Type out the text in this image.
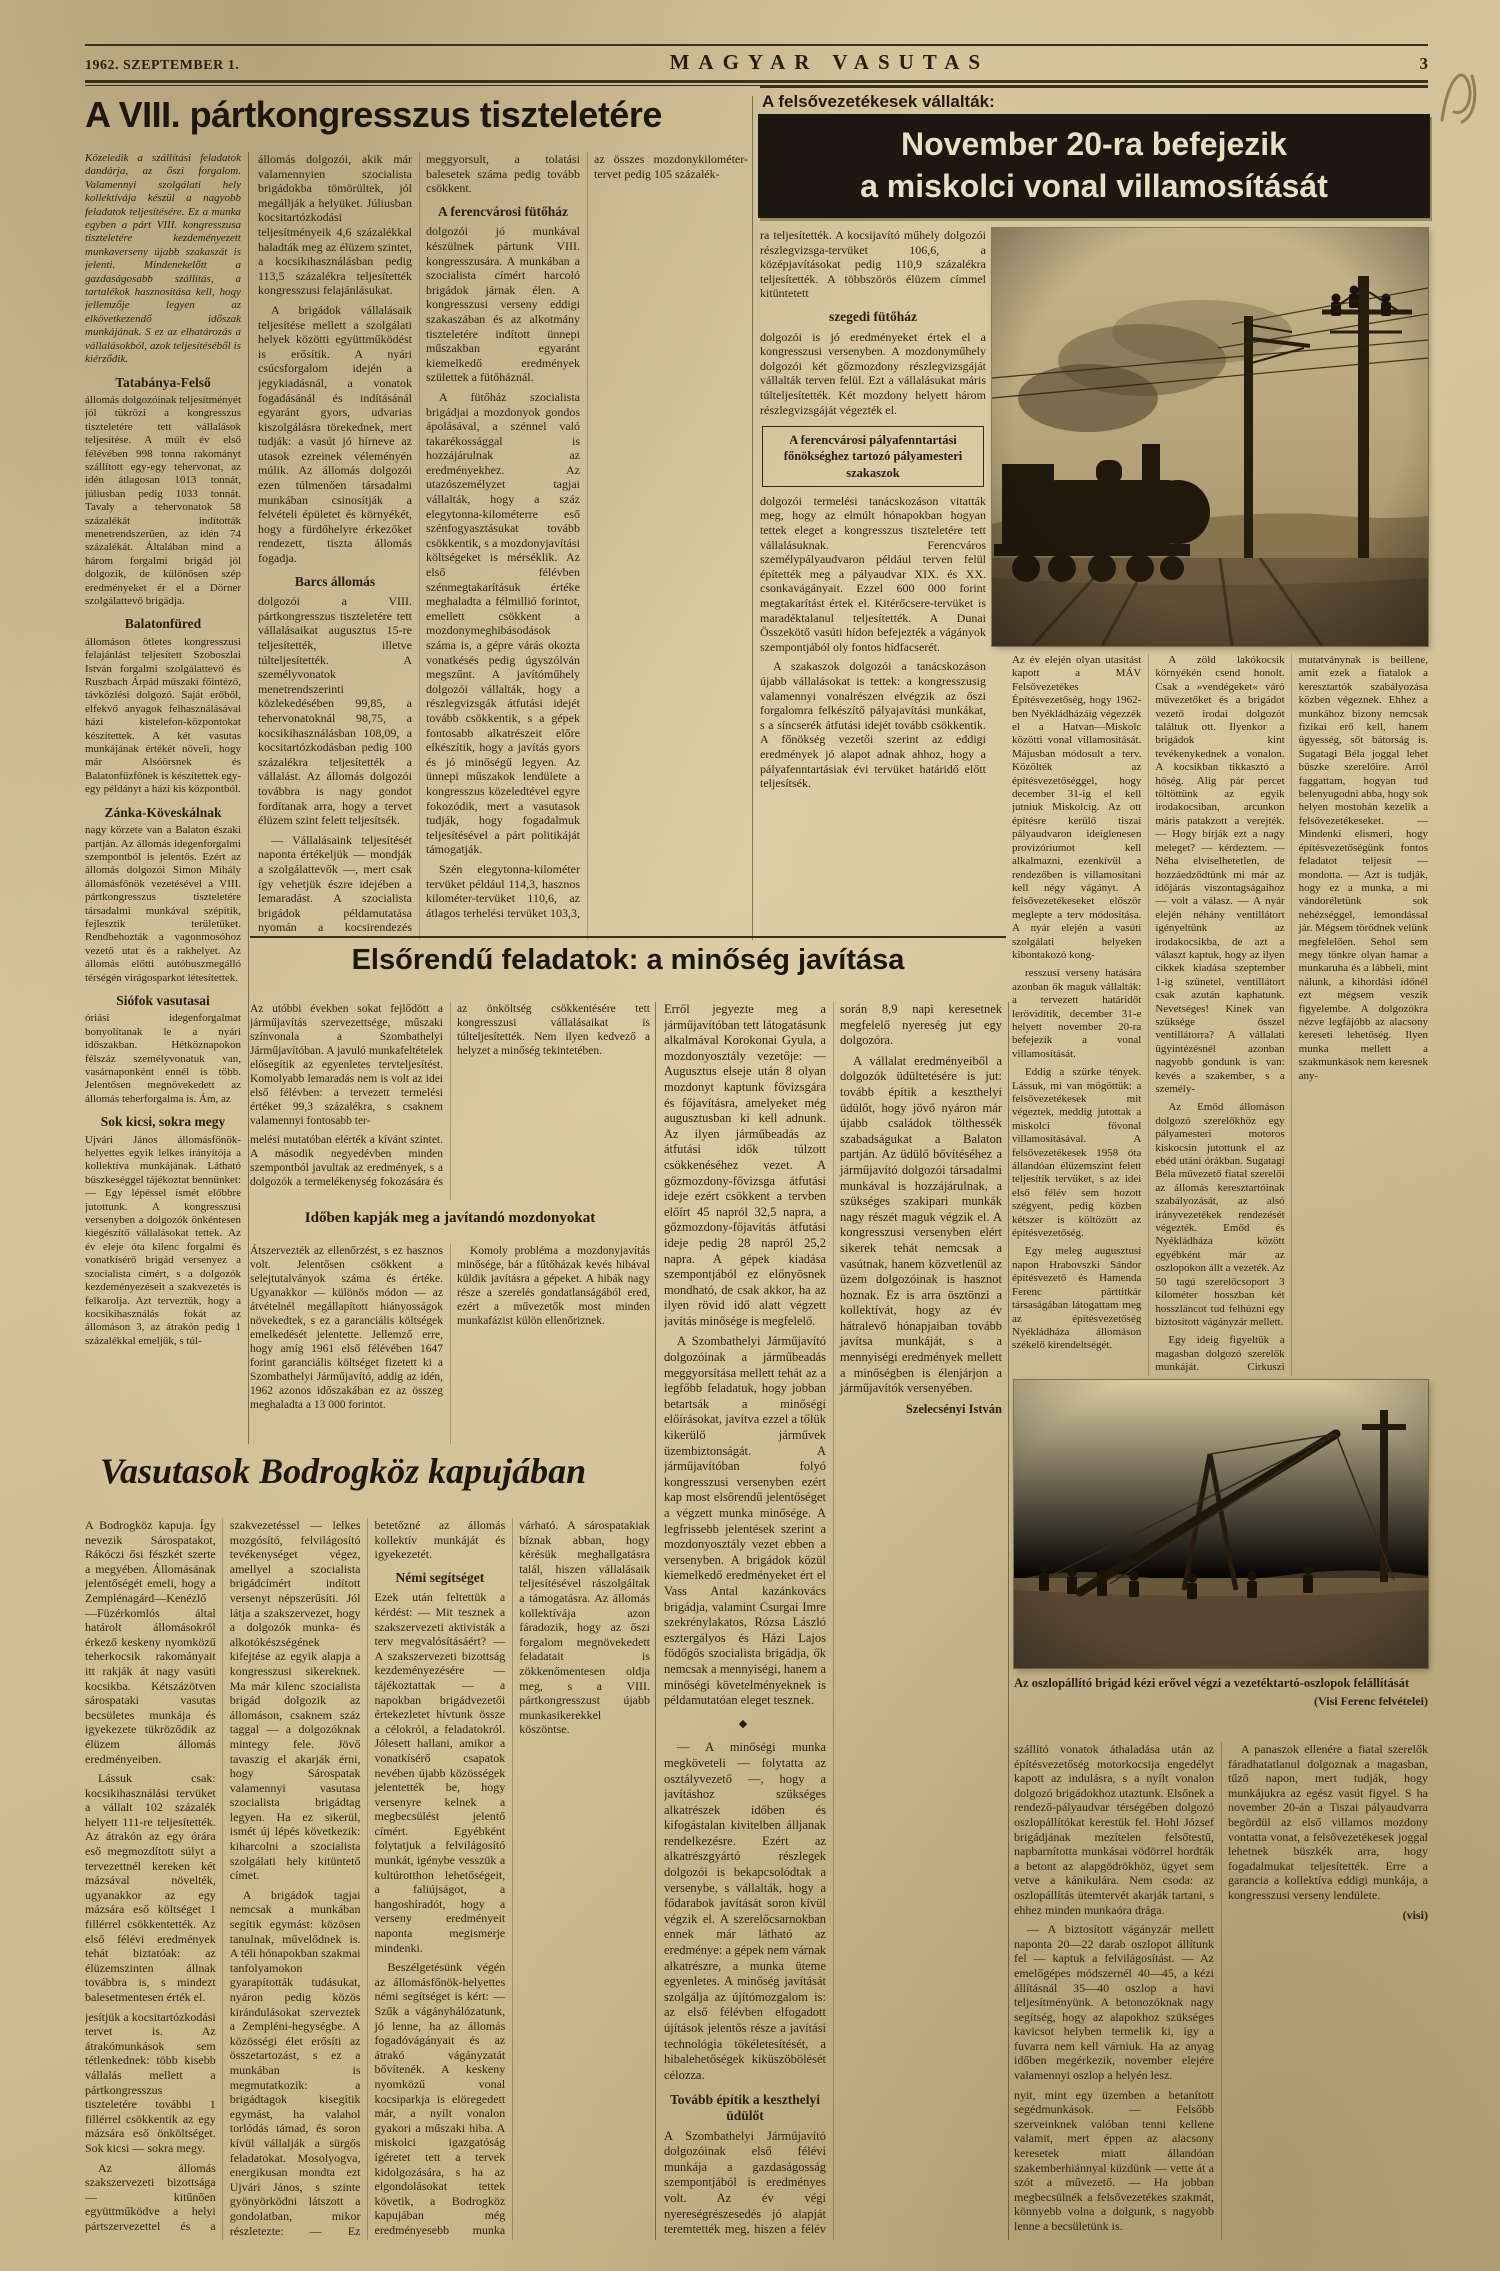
1962. SZEPTEMBER 1.	MAGYAR VASUTAS	3
A VIII. pártkongresszus tiszteletére
Közeledik a szállítási feladatok dandárja, az őszi forgalom. Valamennyi szolgálati hely kollektívája készül a nagyobb feladatok teljesítésére. Ez a munka egyben a párt VIII. kongresszusa tiszteletére kezdeményezett munkaverseny újabb szakaszát is jelenti. Mindenekelőtt a gazdaságosabb szállítás, a tartalékok hasznosítása kell, hogy jellemzője legyen az elkövetkezendő időszak munkájának. S ez az elhatározás a vállalásokból, azok teljesítéséből is kiérződik.
Tatabánya-Felső
állomás dolgozóinak teljesítményét jól tükrözi a kongresszus tiszteletére tett vállalások teljesítése. A múlt év első félévében 998 tonna rakományt szállított egy-egy tehervonat, az idén átlagosan 1013 tonnát, júliusban pedig 1033 tonnát. Tavaly a tehervonatok 58 százalékát indították menetrendszerűen, az idén 74 százalékát. Általában mind a három forgalmi brigád jól dolgozik, de különösen szép eredményeket ér el a Dörner szolgálattevő brigádja.
Balatonfüred
állomáson ötletes kongresszusi felajánlást teljesített Szoboszlai István forgalmi szolgálattevő és Ruszbach Árpád műszaki főintéző, távközlési dolgozó. Saját erőből, elfekvő anyagok felhasználásával házi kistelefon-központokat készítettek. A két vasutas munkájának értékét növeli, hogy már Alsóörsnek és Balatonfűzfőnek is készítettek egy-egy példányt a házi kis központból.
Zánka-Köveskálnak
nagy körzete van a Balaton északi partján. Az állomás idegenforgalmi szempontból is jelentős. Ezért az állomás dolgozói Simon Mihály állomásfőnök vezetésével a VIII. pártkongresszus tiszteletére társadalmi munkával szépítik, fejlesztik területüket. Rendbehozták a vagonmosóhoz vezető utat és a rakhelyet. Az állomás előtti autóbuszmegálló térségén virágosparkot létesítettek.
Siófok vasutasai
óriási idegenforgalmat bonyolítanak le a nyári időszakban. Hétköznapokon félszáz személyvonatuk van, vasárnaponként ennél is több. Jelentősen megnövekedett az állomás teherforgalma is. Ám, az
Sok kicsi, sokra megy
Ujvári János állomásfőnök-helyettes egyik lelkes irányítója a kollektíva munkájának. Látható büszkeséggel tájékoztat bennünket: — Egy lépéssel ismét előbbre jutottunk. A kongresszusi versenyben a dolgozók önkéntesen kiegészítő vállalásokat tettek. Az év eleje óta kilenc forgalmi és vonatkísérő brigád versenyez a szocialista címért, s a dolgozók kezdeményezéseit a szakvezetés is felkarolja. Azt terveztük, hogy a kocsikihasználás fokát az állomáson 3, az átrakón pedig 1 százalékkal emeljük, s túl-
állomás dolgozói, akik már valamennyien szocialista brigádokba tömörültek, jól megállják a helyüket. Júliusban kocsitartózkodási teljesítményeik 4,6 százalékkal haladták meg az élüzem szintet, a kocsikihasználásban pedig 113,5 százalékra teljesítették kongresszusi felajánlásukat.
A brigádok vállalásaik teljesítése mellett a szolgálati helyek közötti együttműködést is erősítik. A nyári csúcsforgalom idején a jegykiadásnál, a vonatok fogadásánál és indításánál egyaránt gyors, udvarias kiszolgálásra törekednek, mert tudják: a vasút jó hírneve az utasok ezreinek véleményén múlik. Az állomás dolgozói ezen túlmenően társadalmi munkában csinosítják a felvételi épületet és környékét, hogy a fürdőhelyre érkezőket rendezett, tiszta állomás fogadja.
Barcs állomás
dolgozói a VIII. pártkongresszus tiszteletére tett vállalásaikat augusztus 15-re teljesítették, illetve túlteljesítették. A személyvonatok menetrendszerinti közlekedésében 99,85, a tehervonatoknál 98,75, a kocsikihasználásban 108,09, a kocsitartózkodásban pedig 100 százalékra teljesítették a vállalást. Az állomás dolgozói továbbra is nagy gondot fordítanak arra, hogy a tervet élüzem szint felett teljesítsék.
— Vállalásaink teljesítését naponta értékeljük — mondják a szolgálattevők —, mert csak így vehetjük észre idejében a lemaradást. A szocialista brigádok példamutatása nyomán a kocsirendezés meggyorsult, a tolatási balesetek száma pedig tovább csökkent.
A ferencvárosi fütőház
dolgozói jó munkával készülnek pártunk VIII. kongresszusára. A munkában a szocialista címért harcoló brigádok járnak élen. A kongresszusi verseny eddigi szakaszában és az alkotmány tiszteletére indított ünnepi műszakban egyaránt kiemelkedő eredmények születtek a fütőháznál.
A fütőház szocialista brigádjai a mozdonyok gondos ápolásával, a szénnel való takarékossággal is hozzájárulnak az eredményekhez. Az utazószemélyzet tagjai vállalták, hogy a száz elegytonna-kilométerre eső szénfogyasztásukat tovább csökkentik, s a mozdonyjavítási költségeket is mérséklik. Az első félévben szénmegtakarításuk értéke meghaladta a félmillió forintot, emellett csökkent a mozdonymeghibásodások száma is, a gépre várás okozta vonatkésés pedig úgyszólván megszűnt. A javítóműhely dolgozói vállalták, hogy a részlegvizsgák átfutási idejét tovább csökkentik, s a gépek fontosabb alkatrészeit előre elkészítik, hogy a javítás gyors és jó minőségű legyen. Az ünnepi műszakok lendülete a kongresszus közeledtével egyre fokozódik, mert a vasutasok tudják, hogy fogadalmuk teljesítésével a párt politikáját támogatják.
Szén elegytonna-kilométer tervüket például 114,3, hasznos kilométer-tervüket 110,6, az átlagos terhelési tervüket 103,3, az összes mozdonykilométer-tervet pedig 105 százalék-
ra teljesítették. A kocsijavító műhely dolgozói részlegvizsga-tervüket 106,6, a középjavításokat pedig 110,9 százalékra teljesítették. A többszörös élüzem címmel kitüntetett
szegedi fütőház
dolgozói is jó eredményeket értek el a kongresszusi versenyben. A mozdonyműhely dolgozói két gőzmozdony részlegvizsgáját vállalták terven felül. Ezt a vállalásukat máris túlteljesítették. Két mozdony helyett három részlegvizsgáját végezték el.
A ferencvárosi pályafenntartási főnökséghez tartozó pályamesteri szakaszok
dolgozói termelési tanácskozáson vitatták meg, hogy az elmúlt hónapokban hogyan tettek eleget a kongresszus tiszteletére tett vállalásuknak. Ferencváros személypályaudvaron például terven felül építették meg a pályaudvar XIX. és XX. csonkavágányait. Ezzel 600 000 forint megtakarítást értek el. Kitérőcsere-tervüket is maradéktalanul teljesítették. A Dunai Összekötő vasúti hídon befejezték a vágányok szempontjából oly fontos hídfacserét.
A szakaszok dolgozói a tanácskozáson újabb vállalásokat is tettek: a kongresszusig valamennyi vonalrészen elvégzik az őszi forgalomra felkészítő pályajavítási munkákat, s a síncserék átfutási idejét tovább csökkentik. A főnökség vezetői szerint az eddigi eredmények jó alapot adnak ahhoz, hogy a pályafenntartásiak évi tervüket határidő előtt teljesítsék.
A felsővezetékesek vállalták:
November 20-ra befejezik
a miskolci vonal villamosítását
Az év elején olyan utasítást kapott a MÁV Felsővezetékes Építésvezetőség, hogy 1962-ben Nyékládházáig végezzék el a Hatvan—Miskolc közötti vonal villamosítását. Májusban módosult a terv. Közölték az építésvezetőséggel, hogy december 31-ig el kell jutniuk Miskolcig. Az ott építésre kerülő tiszai pályaudvaron ideiglenesen provizóriumot kell alkalmazni, ezenkívül a rendezőben is villamosítani kell négy vágányt. A felsővezetékeseket először meglepte a terv módosítása. A nyár elején a vasúti szolgálati helyeken kibontakozó kong-
resszusi verseny hatására azonban ők maguk vállalták: a tervezett határidőt lerövidítik, december 31-e helyett november 20-ra befejezik a vonal villamosítását.
Eddig a szürke tények. Lássuk, mi van mögöttük: a felsővezetékesek mit végeztek, meddig jutottak a miskolci fővonal villamosításával. A felsővezetékesek 1958 óta állandóan élüzemszint felett teljesítik tervüket, s az idei első félév sem hozott szégyent, pedig közben kétszer is költözött az építésvezetőség.
Egy meleg augusztusi napon Hrabovszki Sándor építésvezető és Hamenda Ferenc párttitkár társaságában látogattam meg az építésvezetőség Nyékládháza állomáson székelő kirendeltségét.
A zöld lakókocsik környékén csend honolt. Csak a »vendégeket« váró művezetőket és a brigádot vezető irodai dolgozót találtuk ott. Ilyenkor a brigádok kint tevékenykednek a vonalon. A kocsikban tikkasztó a hőség. Alig pár percet töltöttünk az egyik irodakocsiban, arcunkon máris patakzott a verejték. — Hogy bírják ezt a nagy meleget? — kérdeztem. — Néha elviselhetetlen, de hozzáedződtünk mi már az időjárás viszontagságaihoz — volt a válasz. — A nyár elején néhány ventillátort igényeltünk az irodakocsikba, de azt a választ kaptuk, hogy az ilyen cikkek kiadása szeptember 1-ig szünetel, ventillátort csak azután kaphatunk. Nevetséges! Kinek van szüksége ősszel ventillátorra? A vállalati ügyintézésnél azonban nagyobb gondunk is van: kevés a szakember, s a személy-
Az Emőd állomáson dolgozó szerelőkhöz egy pályamesteri motoros kiskocsin jutottunk el az ebéd utáni órákban. Sugatagi Béla művezető fiatal szerelői az állomás keresztartóinak szabályozását, az alsó irányvezetékek rendezését végezték. Emőd és Nyékládháza között egyébként már az oszlopokon állt a vezeték. Az 50 tagú szerelőcsoport 3 kilométer hosszban két hosszláncot tud felhúzni egy biztosított vágányzár mellett.
Egy ideig figyeltük a magasban dolgozó szerelők munkáját. Cirkuszi mutatványnak is beillene, amit ezek a fiatalok a keresztartók szabályozása közben végeznek. Ehhez a munkához bizony nemcsak fizikai erő kell, hanem ügyesség, sőt bátorság is. Sugatagi Béla joggal lehet büszke szerelőire. Arról faggattam, hogyan tud belenyugodni abba, hogy sok helyen mostohán kezelik a felsővezetékeseket. — Mindenki elismeri, hogy építésvezetőségünk fontos feladatot teljesít — mondotta. — Azt is tudják, hogy ez a munka, a mi vándoréletünk sok nehézséggel, lemondással jár. Mégsem törődnek velünk megfelelően. Sehol sem megy tönkre olyan hamar a munkaruha és a lábbeli, mint nálunk, a kihordási időnél ezt mégsem veszik figyelembe. A dolgozókra nézve legfájóbb az alacsony kereseti lehetőség. Ilyen munka mellett a szakmunkások nem keresnek any-
Elsőrendű feladatok: a minőség javítása
Az utóbbi években sokat fejlődött a járműjavítás szervezettsége, műszaki színvonala a Szombathelyi Járműjavítóban. A javuló munkafeltételek elősegítik az egyenletes tervteljesítést. Komolyabb lemaradás nem is volt az idei első félévben: a tervezett termelési értéket 99,3 százalékra, s csaknem valamennyi fontosabb ter-
melési mutatóban elérték a kívánt szintet. A második negyedévben minden szempontból javultak az eredmények, s a dolgozók a termelékenység fokozására és az önköltség csökkentésére tett kongresszusi vállalásaikat is túlteljesítették. Nem ilyen kedvező a helyzet a minőség tekintetében.
Időben kapják meg a javítandó mozdonyokat
Átszervezték az ellenőrzést, s ez hasznos volt. Jelentősen csökkent a selejtutalványok száma és értéke. Ugyanakkor — különös módon — az átvételnél megállapított hiányosságok növekedtek, s ez a garanciális költségek emelkedését jelentette. Jellemző erre, hogy amíg 1961 első félévében 1647 forint garanciális költséget fizetett ki a Szombathelyi Járműjavító, addig az idén, 1962 azonos időszakában ez az összeg meghaladta a 13 000 forintot.
Komoly probléma a mozdonyjavítás minősége, bár a fűtőházak kevés hibával küldik javításra a gépeket. A hibák nagy része a szerelés gondatlanságából ered, ezért a művezetők most minden munkafázist külön ellenőriznek.
Erről jegyezte meg a járműjavítóban tett látogatásunk alkalmával Korokonai Gyula, a mozdonyosztály vezetője: — Augusztus elseje után 8 olyan mozdonyt kaptunk fővizsgára és főjavításra, amelyeket még augusztusban ki kell adnunk. Az ilyen járműbeadás az átfutási idők túlzott csökkenéséhez vezet. A gőzmozdony-fővizsga átfutási ideje ezért csökkent a tervben előírt 45 napról 32,5 napra, a gőzmozdony-főjavítás átfutási ideje pedig 28 napról 25,2 napra. A gépek kiadása szempontjából ez előnyösnek mondható, de csak akkor, ha az ilyen rövid idő alatt végzett javítás minősége is megfelelő.
A Szombathelyi Járműjavító dolgozóinak a járműbeadás meggyorsítása mellett tehát az a legfőbb feladatuk, hogy jobban betartsák a minőségi előírásokat, javítva ezzel a tőlük kikerülő járművek üzembiztonságát. A járműjavítóban folyó kongresszusi versenyben ezért kap most elsőrendű jelentőséget a végzett munka minősége. A legfrissebb jelentések szerint a mozdonyosztály vezet ebben a versenyben. A brigádok közül kiemelkedő eredményeket ért el Vass Antal kazánkovács brigádja, valamint Csurgai Imre szekrénylakatos, Rózsa László esztergályos és Házi Lajos födőgős szocialista brigádja, ők nemcsak a mennyiségi, hanem a minőségi követelményeknek is példamutatóan eleget tesznek.
◆
— A minőségi munka megköveteli — folytatta az osztályvezető —, hogy a javításhoz szükséges alkatrészek időben és kifogástalan kivitelben álljanak rendelkezésre. Ezért az alkatrészgyártó részlegek dolgozói is bekapcsolódtak a versenybe, s vállalták, hogy a fődarabok javítását soron kívül végzik el. A szerelőcsarnokban ennek már látható az eredménye: a gépek nem várnak alkatrészre, a munka üteme egyenletes. A minőség javítását szolgálja az újítómozgalom is: az első félévben elfogadott újítások jelentős része a javítási technológia tökéletesítését, a hibalehetőségek kiküszöbölését célozza.
Tovább építik a keszthelyi üdülőt
A Szombathelyi Járműjavító dolgozóinak első félévi munkája a gazdaságosság szempontjából is eredményes volt. Az év végi nyereségrészesedés jó alapját teremtették meg, hiszen a félév során 8,9 napi keresetnek megfelelő nyereség jut egy dolgozóra.
A vállalat eredményeiből a dolgozók üdültetésére is jut: tovább építik a keszthelyi üdülőt, hogy jövő nyáron már újabb családok tölthessék szabadságukat a Balaton partján. Az üdülő bővítéséhez a járműjavító dolgozói társadalmi munkával is hozzájárulnak, a szükséges szakipari munkák nagy részét maguk végzik el. A kongresszusi versenyben elért sikerek tehát nemcsak a vasútnak, hanem közvetlenül az üzem dolgozóinak is hasznot hoznak. Ez is arra ösztönzi a kollektívát, hogy az év hátralevő hónapjaiban tovább javítsa munkáját, s a mennyiségi eredmények mellett a minőségben is élenjárjon a járműjavítók versenyében.
Szelecsényi István
Vasutasok Bodrogköz kapujában
A Bodrogköz kapuja. Így nevezik Sárospatakot, Rákóczi ősi fészkét szerte a megyében. Állomásának jelentőségét emeli, hogy a Zemplénagárd—Kenézlő—Füzérkomlós által határolt állomásokról érkező keskeny nyomközű teherkocsik rakományait itt rakják át nagy vasúti kocsikba. Kétszázötven sárospataki vasutas becsületes munkája és igyekezete tükröződik az élüzem állomás eredményeiben.
Lássuk csak: kocsikihasználási tervüket a vállalt 102 százalék helyett 111-re teljesítették. Az átrakón az egy órára eső megmozdított súlyt a tervezettnél kereken két mázsával növelték, ugyanakkor az egy mázsára eső költséget 1 fillérrel csökkentették. Az első félévi eredmények tehát biztatóak: az élüzemszinten állnak továbbra is, s mindezt balesetmentesen érték el.
jesítjük a kocsitartózkodási tervet is. Az átrakómunkások sem tétlenkednek: több kisebb vállalás mellett a pártkongresszus tiszteletére további 1 fillérrel csökkentik az egy mázsára eső önköltséget. Sok kicsi — sokra megy.
Az állomás szakszervezeti bizottsága — kitűnően együttműködve a helyi pártszervezettel és a szakvezetéssel — lelkes mozgósító, felvilágosító tevékenységet végez, amellyel a szocialista brigádcímért indított versenyt népszerűsíti. Jól látja a szakszervezet, hogy a dolgozók munka- és alkotókészségének kifejtése az egyik alapja a kongresszusi sikereknek. Ma már kilenc szocialista brigád dolgozik az állomáson, csaknem száz taggal — a dolgozóknak mintegy fele. Jövő tavaszig el akarják érni, hogy Sárospatak valamennyi vasutasa szocialista brigádtag legyen. Ha ez sikerül, ismét új lépés következik: kiharcolni a szocialista szolgálati hely kitüntető címet.
A brigádok tagjai nemcsak a munkában segítik egymást: közösen tanulnak, művelődnek is. A téli hónapokban szakmai tanfolyamokon gyarapították tudásukat, nyáron pedig közös kirándulásokat szerveztek a Zempléni-hegységbe. A közösségi élet erősíti az összetartozást, s ez a munkában is megmutatkozik: a brigádtagok kisegítik egymást, ha valahol torlódás támad, és soron kívül vállalják a sürgős feladatokat. Mosolyogva, energikusan mondta ezt Ujvári János, s szinte gyönyörködni látszott a gondolatban, mikor részletezte: — Ez betetőzné az állomás kollektív munkáját és igyekezetét.
Némi segítséget
Ezek után feltettük a kérdést: — Mit tesznek a szakszervezeti aktivisták a terv megvalósításáért? — A szakszervezeti bizottság kezdeményezésére — tájékoztattak — a napokban brigádvezetői értekezletet hívtunk össze a célokról, a feladatokról. Jólesett hallani, amikor a vonatkísérő csapatok nevében újabb közösségek jelentették be, hogy versenyre kelnek a megbecsülést jelentő címért. Egyébként folytatjuk a felvilágosító munkát, igénybe vesszük a kultúrotthon lehetőségeit, a faliújságot, a hangoshíradót, hogy a verseny eredményeit naponta megismerje mindenki.
Beszélgetésünk végén az állomásfőnök-helyettes némi segítséget is kért: — Szűk a vágányhálózatunk, jó lenne, ha az állomás fogadóvágányait és az átrakó vágányzatát bővítenék. A keskeny nyomközű vonal kocsiparkja is elöregedett már, a nyílt vonalon gyakori a műszaki hiba. A miskolci igazgatóság ígéretet tett a tervek kidolgozására, s ha az elgondolásokat tettek követik, a Bodrogköz kapujában még eredményesebb munka várható. A sárospatakiak bíznak abban, hogy kérésük meghallgatásra talál, hiszen vállalásaik teljesítésével rászolgáltak a támogatásra. Az állomás kollektívája azon fáradozik, hogy az őszi forgalom megnövekedett feladatait is zökkenőmentesen oldja meg, s a VIII. pártkongresszust újabb munkasikerekkel köszöntse.
Az oszlopállító brigád kézi erővel végzi a vezetéktartó-oszlopok felállítását
(Visi Ferenc felvételei)
szállító vonatok áthaladása után az építésvezetőség motorkocsija engedélyt kapott az indulásra, s a nyílt vonalon dolgozó brigádokhoz utaztunk. Elsőnek a rendező-pályaudvar térségében dolgozó oszlopállítókat kerestük fel. Hohl József brigádjának mezítelen felsőtestű, napbarnította munkásai vödörrel hordták a betont az alapgödrökhöz, ügyet sem vetve a kánikulára. Nem csoda: az oszlopállítás ütemtervét akarják tartani, s ehhez minden munkaóra drága.
— A biztosított vágányzár mellett naponta 20—22 darab oszlopot állítunk fel — kaptuk a felvilágosítást. — Az emelőgépes módszernél 40—45, a kézi állításnál 35—40 oszlop a havi teljesítményünk. A betonozóknak nagy segítség, hogy az alapokhoz szükséges kavicsot helyben termelik ki, így a fuvarra nem kell várniuk. Ha az anyag időben megérkezik, november elejére valamennyi oszlop a helyén lesz.
nyit, mint egy üzemben a betanított segédmunkások. — Felsőbb szerveinknek valóban tenni kellene valamit, mert éppen az alacsony keresetek miatt állandóan szakemberhiánnyal küzdünk — vette át a szót a művezető. — Ha jobban megbecsülnék a felsővezetékes szakmát, könnyebb volna a dolgunk, s nagyobb lenne a becsületünk is.
A panaszok ellenére a fiatal szerelők fáradhatatlanul dolgoznak a magasban, tűző napon, mert tudják, hogy munkájukra az egész vasút figyel. S ha november 20-án a Tiszai pályaudvarra begördül az első villamos mozdony vontatta vonat, a felsővezetékesek joggal lehetnek büszkék arra, hogy fogadalmukat teljesítették. Erre a garancia a kollektíva eddigi munkája, a kongresszusi verseny lendülete.
(visi)
